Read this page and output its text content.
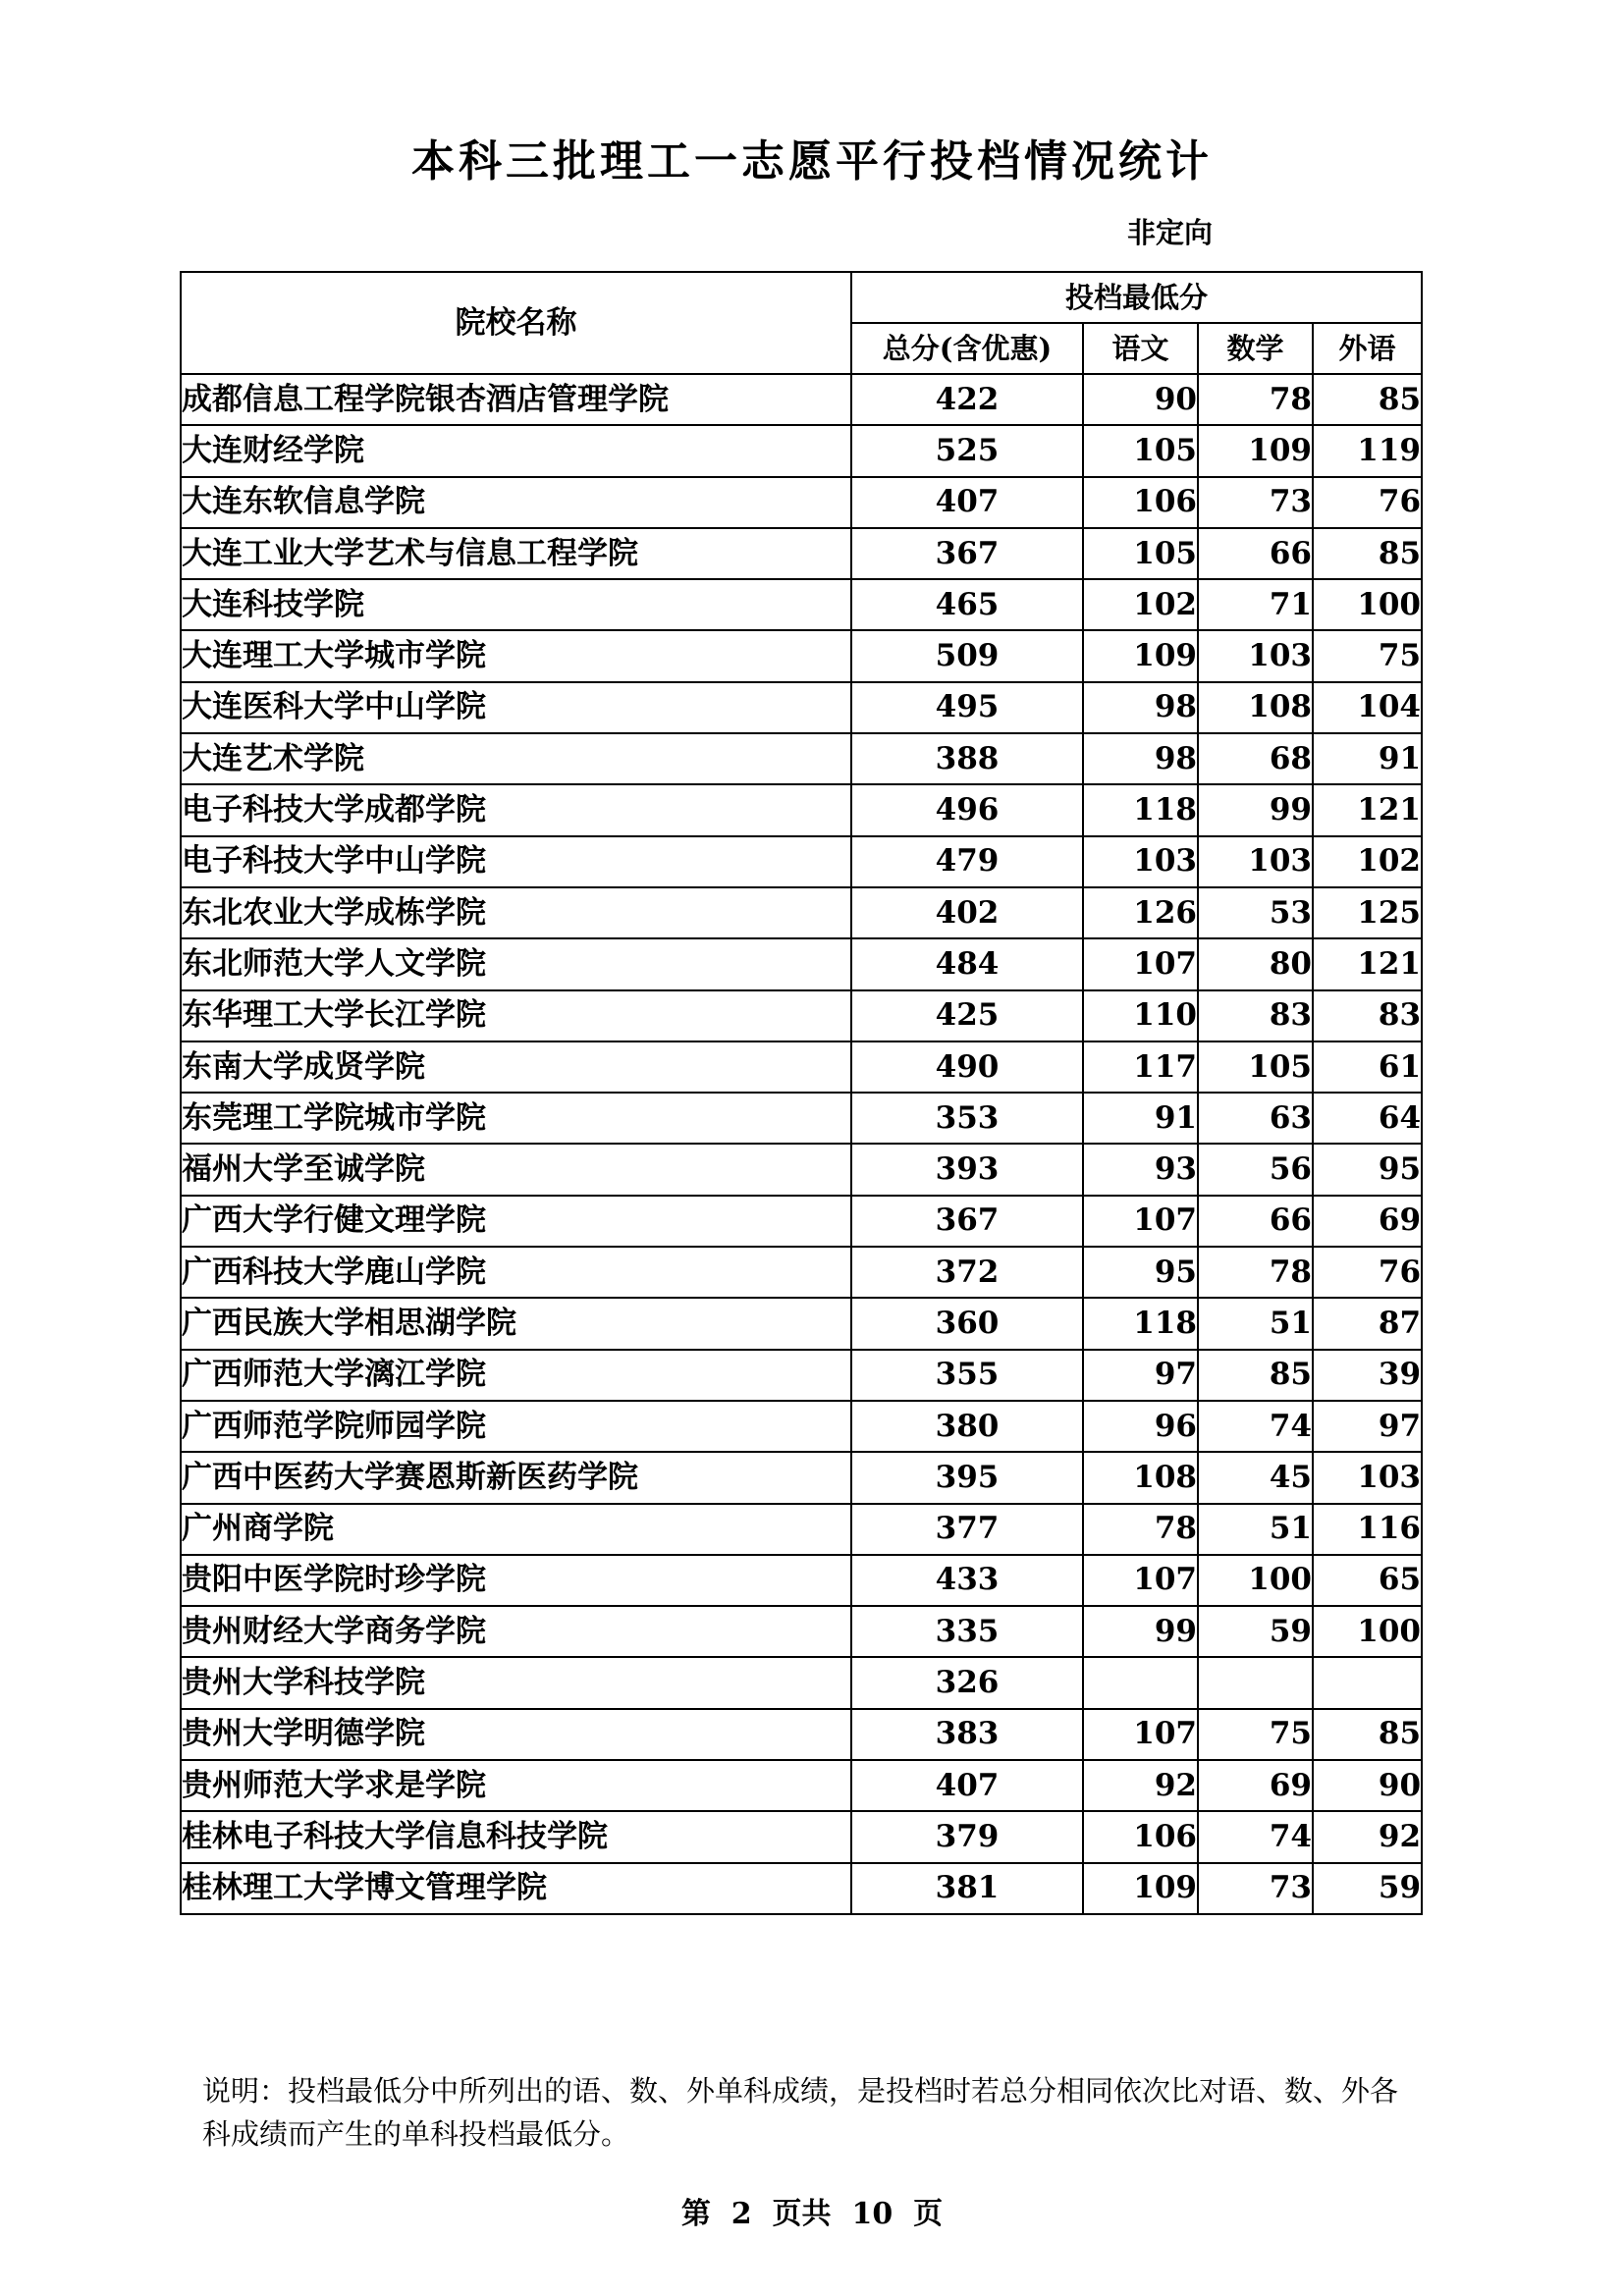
本科三批理工一志愿平行投档情况统计
非定向
院校名称	投档最低分			
	总分(含优惠)	语文	数学	外语
成都信息工程学院银杏酒店管理学院	422	90	78	85
大连财经学院	525	105	109	119
大连东软信息学院	407	106	73	76
大连工业大学艺术与信息工程学院	367	105	66	85
大连科技学院	465	102	71	100
大连理工大学城市学院	509	109	103	75
大连医科大学中山学院	495	98	108	104
大连艺术学院	388	98	68	91
电子科技大学成都学院	496	118	99	121
电子科技大学中山学院	479	103	103	102
东北农业大学成栋学院	402	126	53	125
东北师范大学人文学院	484	107	80	121
东华理工大学长江学院	425	110	83	83
东南大学成贤学院	490	117	105	61
东莞理工学院城市学院	353	91	63	64
福州大学至诚学院	393	93	56	95
广西大学行健文理学院	367	107	66	69
广西科技大学鹿山学院	372	95	78	76
广西民族大学相思湖学院	360	118	51	87
广西师范大学漓江学院	355	97	85	39
广西师范学院师园学院	380	96	74	97
广西中医药大学赛恩斯新医药学院	395	108	45	103
广州商学院	377	78	51	116
贵阳中医学院时珍学院	433	107	100	65
贵州财经大学商务学院	335	99	59	100
贵州大学科技学院	326			
贵州大学明德学院	383	107	75	85
贵州师范大学求是学院	407	92	69	90
桂林电子科技大学信息科技学院	379	106	74	92
桂林理工大学博文管理学院	381	109	73	59
说明：投档最低分中所列出的语、数、外单科成绩，是投档时若总分相同依次比对语、数、外各科成绩而产生的单科投档最低分。
第  2  页共  10  页
